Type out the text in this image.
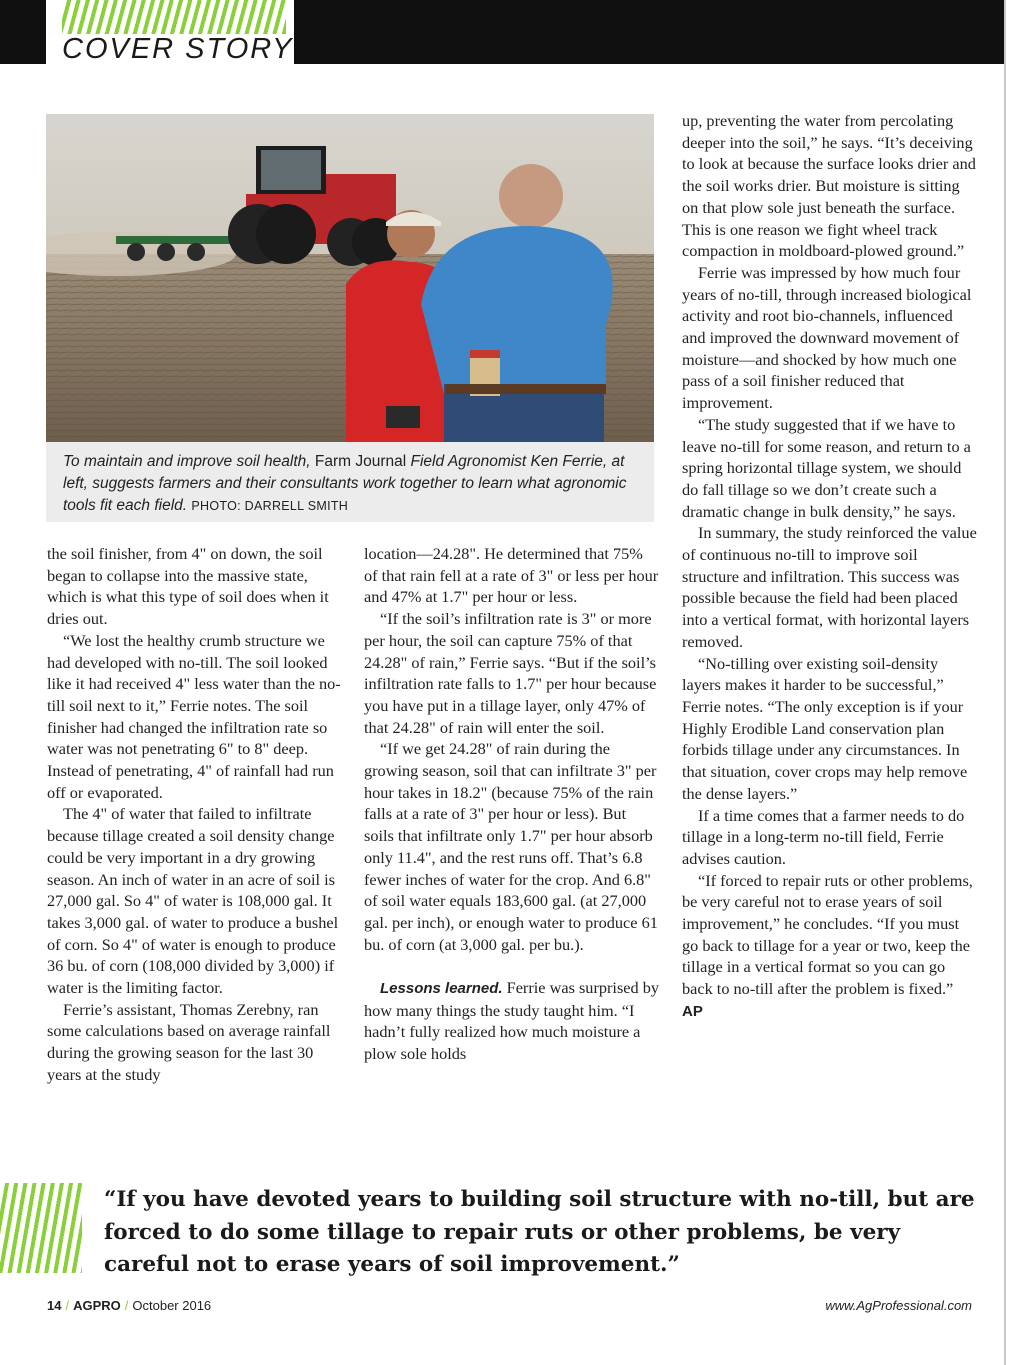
COVER STORY
To maintain and improve soil health, Farm Journal Field Agronomist Ken Ferrie, at left, suggests farmers and their consultants work together to learn what agronomic tools fit each field. PHOTO: DARRELL SMITH

the soil finisher, from 4" on down, the soil began to collapse into the massive state, which is what this type of soil does when it dries out.

“We lost the healthy crumb structure we had developed with no-till. The soil looked like it had received 4" less water than the no-till soil next to it,” Ferrie notes. The soil finisher had changed the infiltration rate so water was not penetrating 6" to 8" deep. Instead of penetrating, 4" of rainfall had run off or evaporated.

The 4" of water that failed to infiltrate because tillage created a soil density change could be very important in a dry growing season. An inch of water in an acre of soil is 27,000 gal. So 4" of water is 108,000 gal. It takes 3,000 gal. of water to produce a bushel of corn. So 4" of water is enough to produce 36 bu. of corn (108,000 divided by 3,000) if water is the limiting factor.

Ferrie’s assistant, Thomas Zerebny, ran some calculations based on average rainfall during the growing season for the last 30 years at the study

location—24.28". He determined that 75% of that rain fell at a rate of 3" or less per hour and 47% at 1.7" per hour or less.

“If the soil’s infiltration rate is 3" or more per hour, the soil can capture 75% of that 24.28" of rain,” Ferrie says. “But if the soil’s infiltration rate falls to 1.7" per hour because you have put in a tillage layer, only 47% of that 24.28" of rain will enter the soil.

“If we get 24.28" of rain during the growing season, soil that can infiltrate 3" per hour takes in 18.2" (because 75% of the rain falls at a rate of 3" per hour or less). But soils that infiltrate only 1.7" per hour absorb only 11.4", and the rest runs off. That’s 6.8 fewer inches of water for the crop. And 6.8" of soil water equals 183,600 gal. (at 27,000 gal. per inch), or enough water to produce 61 bu. of corn (at 3,000 gal. per bu.).

Lessons learned. Ferrie was surprised by how many things the study taught him. “I hadn’t fully realized how much moisture a plow sole holds

up, preventing the water from percolating deeper into the soil,” he says. “It’s deceiving to look at because the surface looks drier and the soil works drier. But moisture is sitting on that plow sole just beneath the surface. This is one reason we fight wheel track compaction in moldboard-plowed ground.”

Ferrie was impressed by how much four years of no-till, through increased biological activity and root bio-channels, influenced and improved the downward movement of moisture—and shocked by how much one pass of a soil finisher reduced that improvement.

“The study suggested that if we have to leave no-till for some reason, and return to a spring horizontal tillage system, we should do fall tillage so we don’t create such a dramatic change in bulk density,” he says.

In summary, the study reinforced the value of continuous no-till to improve soil structure and infiltration. This success was possible because the field had been placed into a vertical format, with horizontal layers removed.

“No-tilling over existing soil-density layers makes it harder to be successful,” Ferrie notes. “The only exception is if your Highly Erodible Land conservation plan forbids tillage under any circumstances. In that situation, cover crops may help remove the dense layers.”

If a time comes that a farmer needs to do tillage in a long-term no-till field, Ferrie advises caution.

“If forced to repair ruts or other problems, be very careful not to erase years of soil improvement,” he concludes. “If you must go back to tillage for a year or two, keep the tillage in a vertical format so you can go back to no-till after the problem is fixed.” AP

“If you have devoted years to building soil structure with no-till, but are forced to do some tillage to repair ruts or other problems, be very careful not to erase years of soil improvement.”
14 / AGPRO / October 2016	www.AgProfessional.com
